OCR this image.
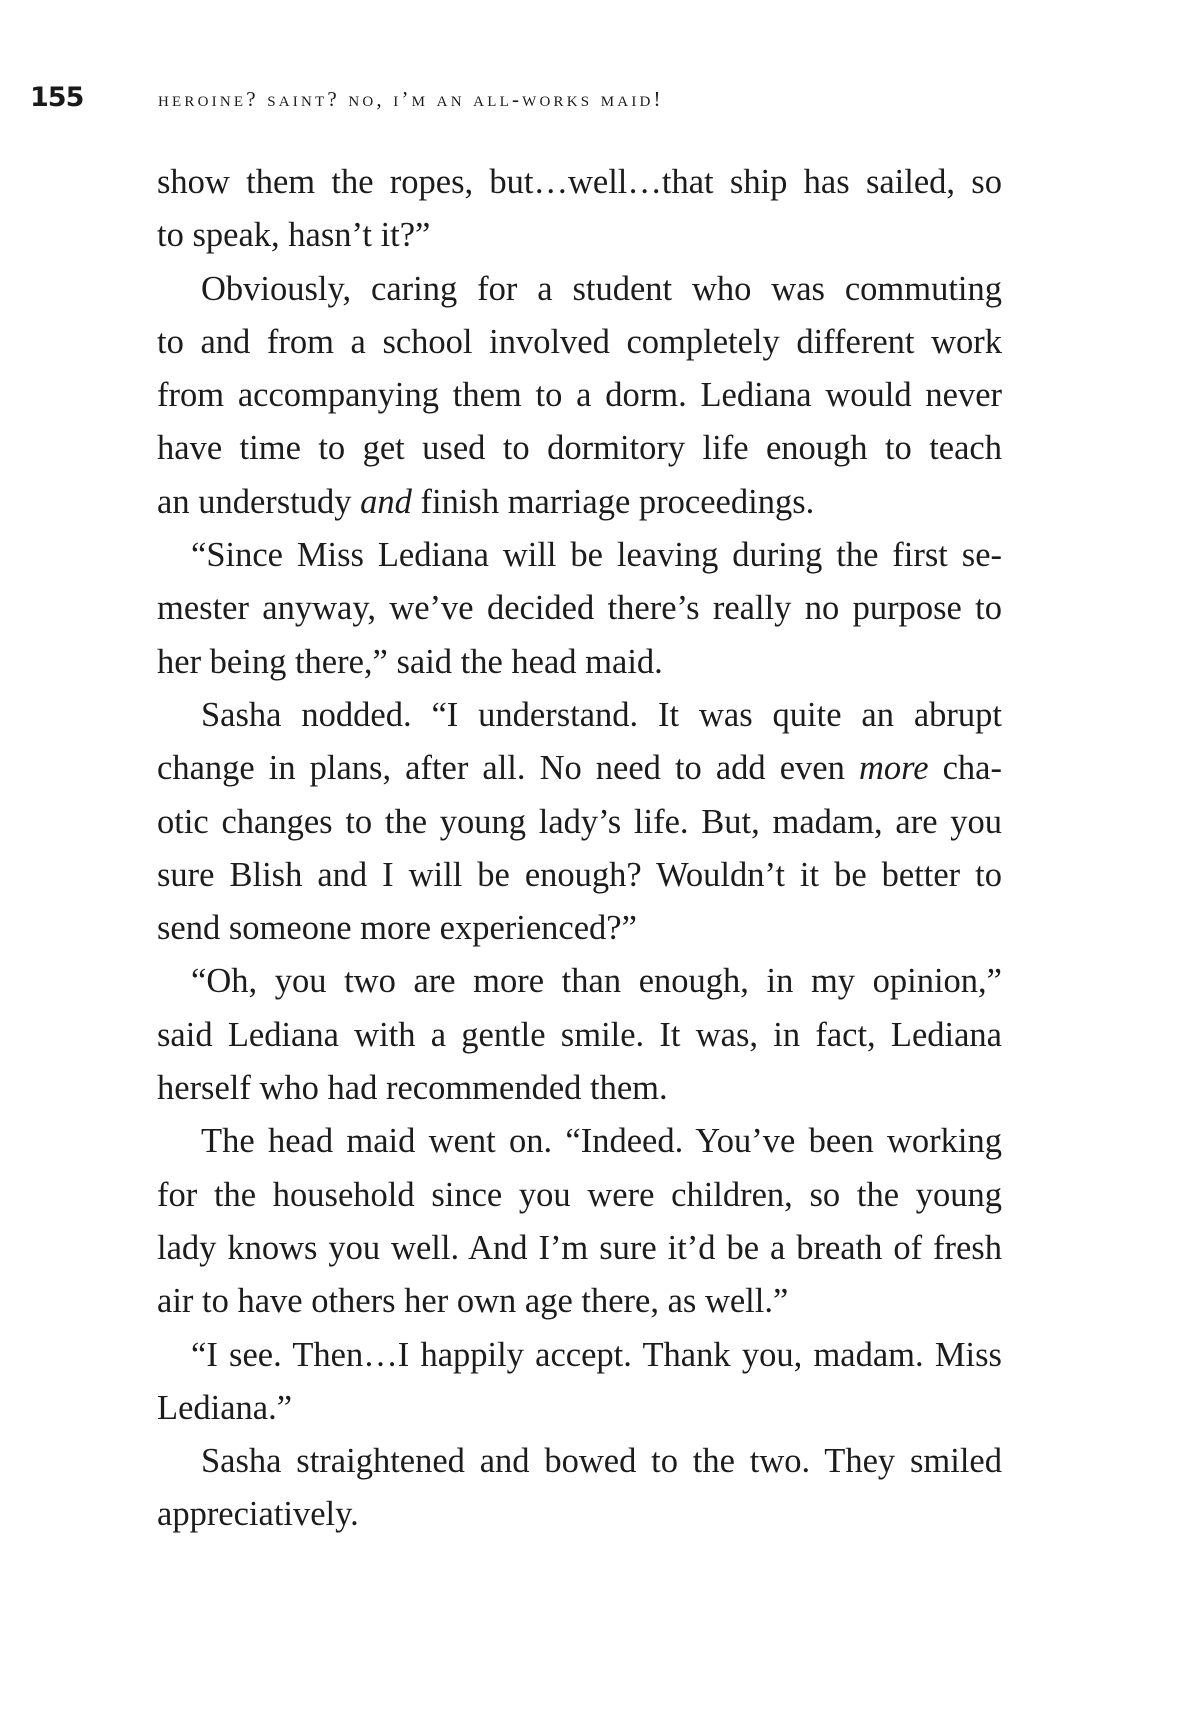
155	heroine? saint? no, i’m an all-works maid!
show them the ropes, but…well…that ship has sailed, so
to speak, hasn’t it?”
Obviously, caring for a student who was commuting
to and from a school involved completely different work
from accompanying them to a dorm. Lediana would never
have time to get used to dormitory life enough to teach
an understudy and finish marriage proceedings.
“Since Miss Lediana will be leaving during the first se-
mester anyway, we’ve decided there’s really no purpose to
her being there,” said the head maid.
Sasha nodded. “I understand. It was quite an abrupt
change in plans, after all. No need to add even more cha-
otic changes to the young lady’s life. But, madam, are you
sure Blish and I will be enough? Wouldn’t it be better to
send someone more experienced?”
“Oh, you two are more than enough, in my opinion,”
said Lediana with a gentle smile. It was, in fact, Lediana
herself who had recommended them.
The head maid went on. “Indeed. You’ve been working
for the household since you were children, so the young
lady knows you well. And I’m sure it’d be a breath of fresh
air to have others her own age there, as well.”
“I see. Then…I happily accept. Thank you, madam. Miss
Lediana.”
Sasha straightened and bowed to the two. They smiled
appreciatively.
